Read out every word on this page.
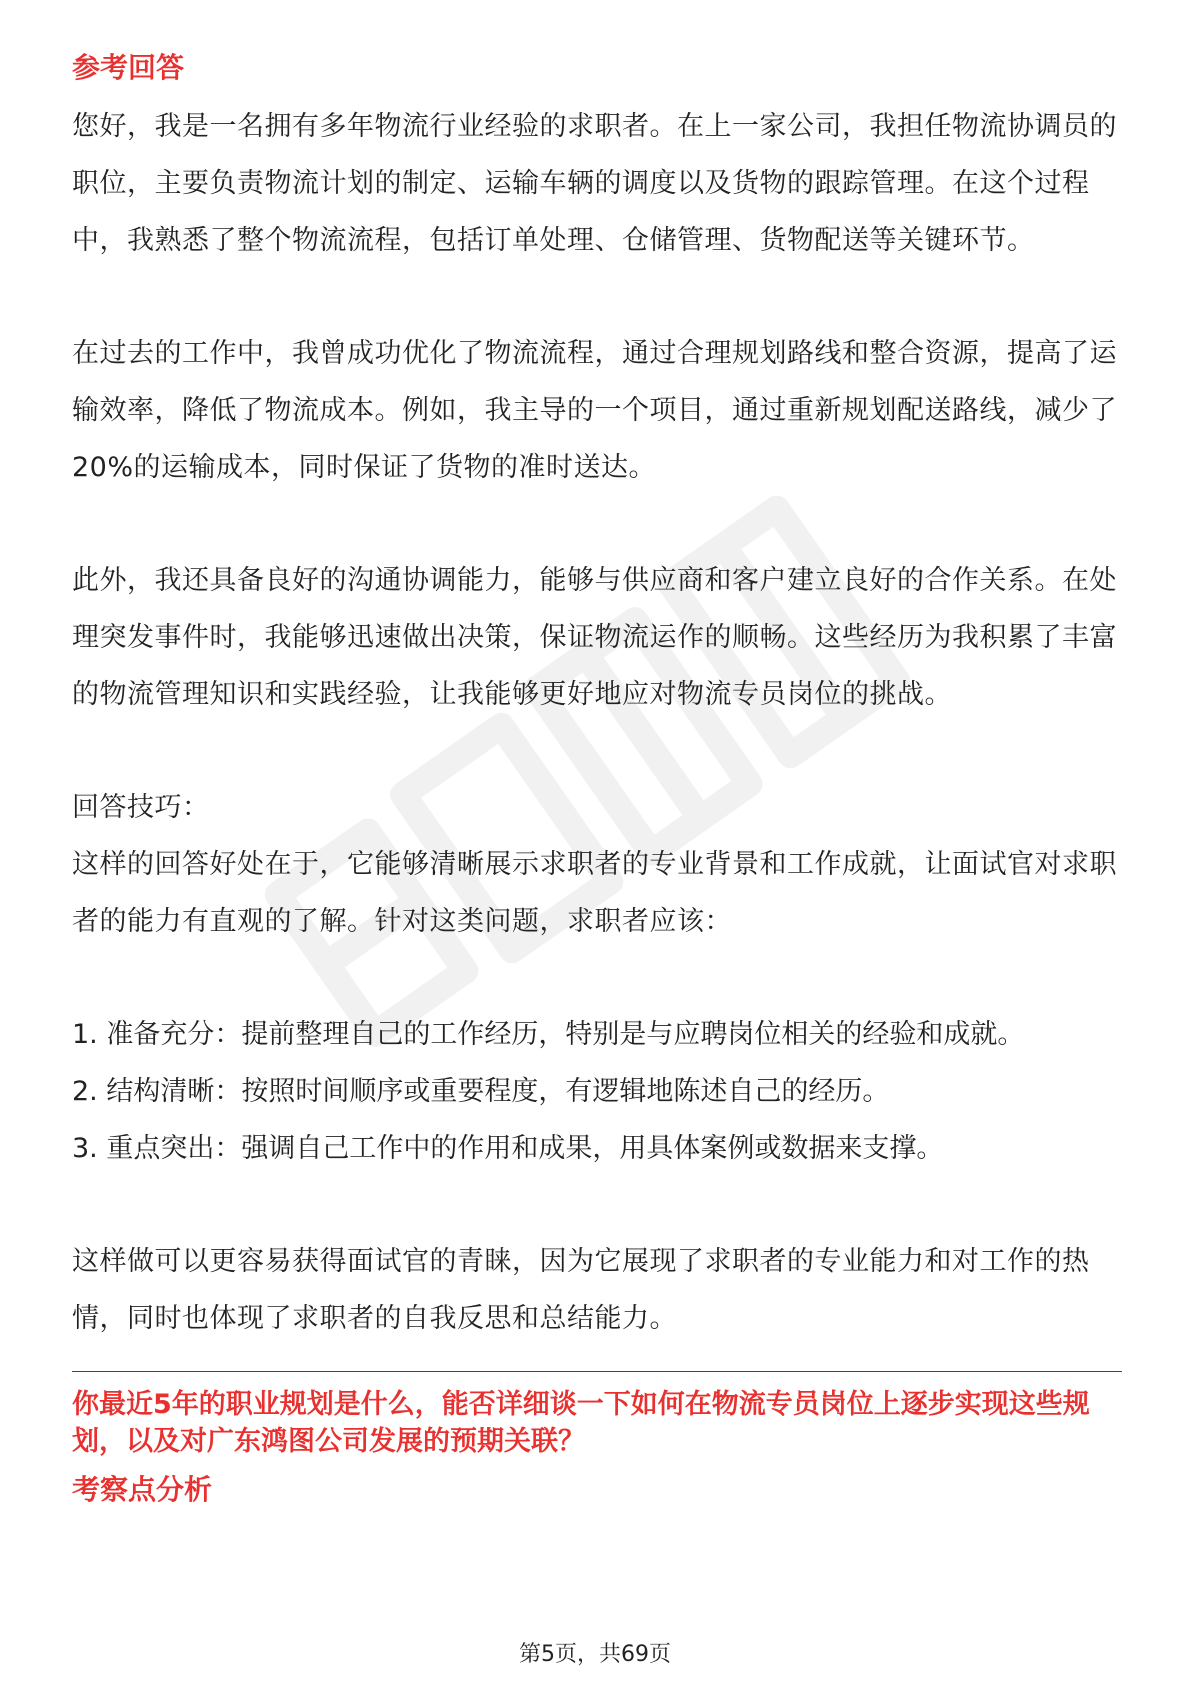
参考回答

您好，我是一名拥有多年物流行业经验的求职者。在上一家公司，我担任物流协调员的职位，主要负责物流计划的制定、运输车辆的调度以及货物的跟踪管理。在这个过程中，我熟悉了整个物流流程，包括订单处理、仓储管理、货物配送等关键环节。

在过去的工作中，我曾成功优化了物流流程，通过合理规划路线和整合资源，提高了运输效率，降低了物流成本。例如，我主导的一个项目，通过重新规划配送路线，减少了20%的运输成本，同时保证了货物的准时送达。

此外，我还具备良好的沟通协调能力，能够与供应商和客户建立良好的合作关系。在处理突发事件时，我能够迅速做出决策，保证物流运作的顺畅。这些经历为我积累了丰富的物流管理知识和实践经验，让我能够更好地应对物流专员岗位的挑战。

回答技巧：

这样的回答好处在于，它能够清晰展示求职者的专业背景和工作成就，让面试官对求职者的能力有直观的了解。针对这类问题，求职者应该：

1. 准备充分：提前整理自己的工作经历，特别是与应聘岗位相关的经验和成就。

2. 结构清晰：按照时间顺序或重要程度，有逻辑地陈述自己的经历。

3. 重点突出：强调自己工作中的作用和成果，用具体案例或数据来支撑。

这样做可以更容易获得面试官的青睐，因为它展现了求职者的专业能力和对工作的热情，同时也体现了求职者的自我反思和总结能力。

你最近5年的职业规划是什么，能否详细谈一下如何在物流专员岗位上逐步实现这些规划，以及对广东鸿图公司发展的预期关联？

考察点分析
第5页，共69页
